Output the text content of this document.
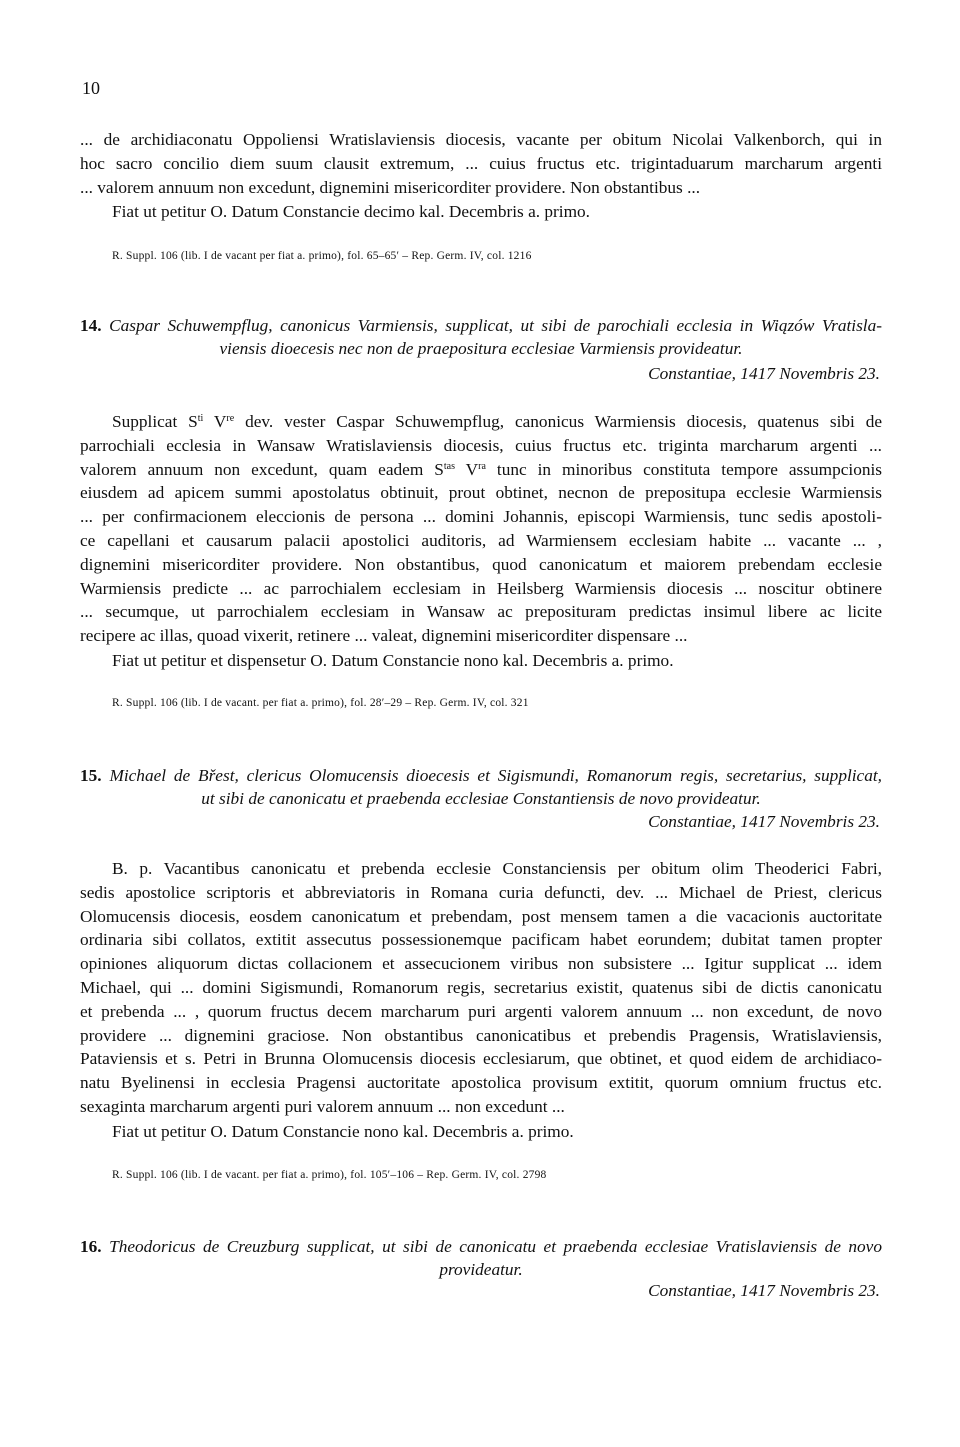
10
... de archidiaconatu Oppoliensi Wratislaviensis diocesis, vacante per obitum Nicolai Valkenborch, qui in
hoc sacro concilio diem suum clausit extremum, ... cuius fructus etc. trigintaduarum marcharum argenti
... valorem annuum non excedunt, dignemini misericorditer providere. Non obstantibus ...
Fiat ut petitur O. Datum Constancie decimo kal. Decembris a. primo.
R. Suppl. 106 (lib. I de vacant per fiat a. primo), fol. 65–65′ – Rep. Germ. IV, col. 1216
14. Caspar Schuwempflug, canonicus Varmiensis, supplicat, ut sibi de parochiali ecclesia in Wiązów Vratisla-
viensis dioecesis nec non de praepositura ecclesiae Varmiensis provideatur.
Constantiae, 1417 Novembris 23.
Supplicat $S^{ti}$ Vre dev. vester Caspar Schuwempflug, canonicus Warmiensis diocesis, quatenus sibi de
parrochiali ecclesia in Wansaw Wratislaviensis diocesis, cuius fructus etc. triginta marcharum argenti ...
valorem annuum non excedunt, quam eadem $S^{tas}$ $V^{ra}$ tunc in minoribus constituta tempore assumpcionis
eiusdem ad apicem summi apostolatus obtinuit, prout obtinet, necnon de preposituра ecclesie Warmiensis
... per confirmacionem eleccionis de persona ... domini Johannis, episcopi Warmiensis, tunc sedis apostoli-
ce capellani et causarum palacii apostolici auditoris, ad Warmiensem ecclesiam habite ... vacante ... ,
dignemini misericorditer providere. Non obstantibus, quod canonicatum et maiorem prebendam ecclesie
Warmiensis predicte ... ac parrochialem ecclesiam in Heilsberg Warmiensis diocesis ... noscitur obtinere
... secumque, ut parrochialem ecclesiam in Wansaw ac preposituram predictas insimul libere ac licite
recipere ac illas, quoad vixerit, retinere ... valeat, dignemini misericorditer dispensare ...
Fiat ut petitur et dispensetur O. Datum Constancie nono kal. Decembris a. primo.
R. Suppl. 106 (lib. I de vacant. per fiat a. primo), fol. 28′–29 – Rep. Germ. IV, col. 321
15. Michael de Břest, clericus Olomucensis dioecesis et Sigismundi, Romanorum regis, secretarius, supplicat,
ut sibi de canonicatu et praebenda ecclesiae Constantiensis de novo provideatur.
Constantiae, 1417 Novembris 23.
B. p. Vacantibus canonicatu et prebenda ecclesie Constanciensis per obitum olim Theoderici Fabri,
sedis apostolice scriptoris et abbreviatoris in Romana curia defuncti, dev. ... Michael de Priest, clericus
Olomucensis diocesis, eosdem canonicatum et prebendam, post mensem tamen a die vacacionis auctoritate
ordinaria sibi collatos, extitit assecutus possessionemque pacificam habet eorundem; dubitat tamen propter
opiniones aliquorum dictas collacionem et assecucionem viribus non subsistere ... Igitur supplicat ... idem
Michael, qui ... domini Sigismundi, Romanorum regis, secretarius existit, quatenus sibi de dictis canonicatu
et prebenda ... , quorum fructus decem marcharum puri argenti valorem annuum ... non excedunt, de novo
providere ... dignemini graciose. Non obstantibus canonicatibus et prebendis Pragensis, Wratislaviensis,
Pataviensis et s. Petri in Brunna Olomucensis diocesis ecclesiarum, que obtinet, et quod eidem de archidiaco-
natu Byelinensi in ecclesia Pragensi auctoritate apostolica provisum extitit, quorum omnium fructus etc.
sexaginta marcharum argenti puri valorem annuum ... non excedunt ...
Fiat ut petitur O. Datum Constancie nono kal. Decembris a. primo.
R. Suppl. 106 (lib. I de vacant. per fiat a. primo), fol. 105′–106 – Rep. Germ. IV, col. 2798
16. Theodoricus de Creuzburg supplicat, ut sibi de canonicatu et praebenda ecclesiae Vratislaviensis de novo
provideatur.
Constantiae, 1417 Novembris 23.
